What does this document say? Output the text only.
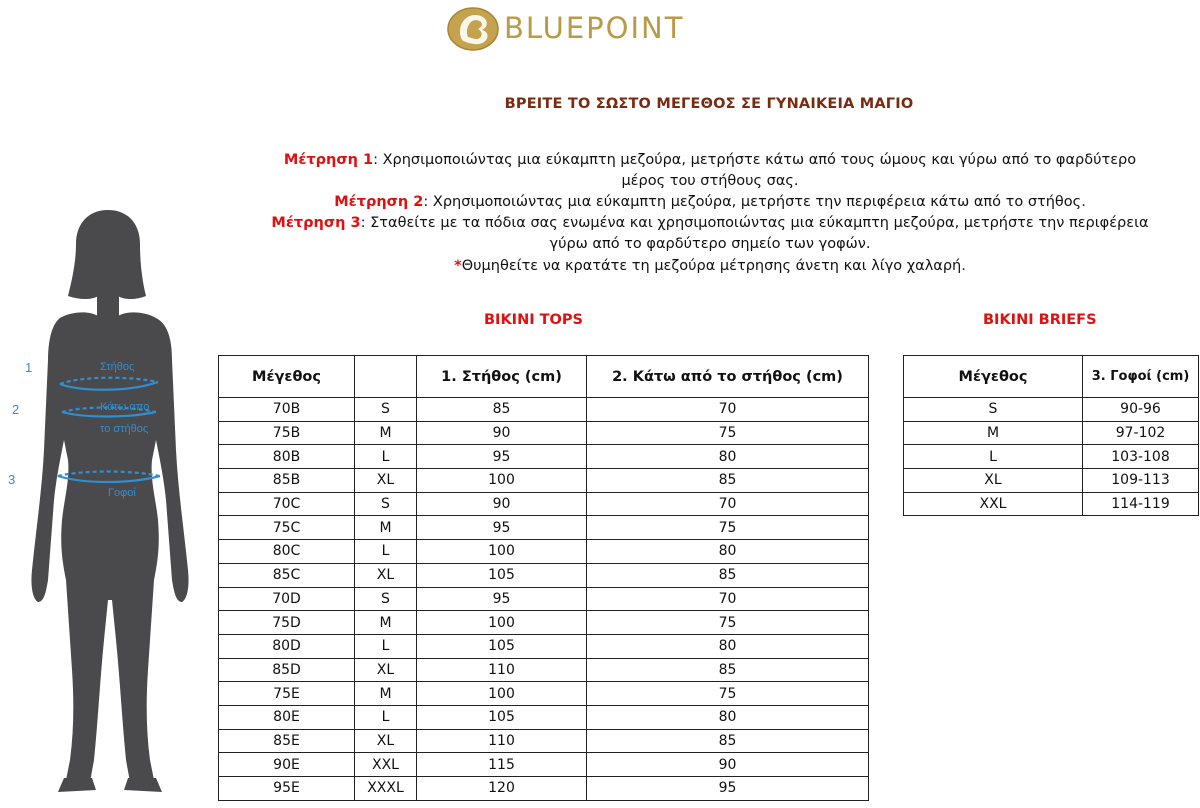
BLUEPOINT
ΒΡΕΙΤΕ ΤΟ ΣΩΣΤΟ ΜΕΓΕΘΟΣ ΣΕ ΓΥΝΑΙΚΕΙΑ ΜΑΓΙΟ
Μέτρηση 1: Χρησιμοποιώντας μια εύκαμπτη μεζούρα, μετρήστε κάτω από τους ώμους και γύρω από το φαρδύτερο
μέρος του στήθους σας.
Μέτρηση 2: Χρησιμοποιώντας μια εύκαμπτη μεζούρα, μετρήστε την περιφέρεια κάτω από το στήθος.
Μέτρηση 3: Σταθείτε με τα πόδια σας ενωμένα και χρησιμοποιώντας μια εύκαμπτη μεζούρα, μετρήστε την περιφέρεια
γύρω από το φαρδύτερο σημείο των γοφών.
*Θυμηθείτε να κρατάτε τη μεζούρα μέτρησης άνετη και λίγο χαλαρή.
Στήθος
Κάτω απο
το στήθος
Γοφοί
1
2
3
BIKINI TOPS	BIKINI BRIEFS
Μέγεθος		1. Στήθος (cm)	2. Κάτω από το στήθος (cm)
70B	S	85	70
75B	M	90	75
80B	L	95	80
85B	XL	100	85
70C	S	90	70
75C	M	95	75
80C	L	100	80
85C	XL	105	85
70D	S	95	70
75D	M	100	75
80D	L	105	80
85D	XL	110	85
75E	M	100	75
80E	L	105	80
85E	XL	110	85
90E	XXL	115	90
95E	XXXL	120	95
Μέγεθος	3. Γοφοί (cm)
S	90-96
M	97-102
L	103-108
XL	109-113
XXL	114-119
